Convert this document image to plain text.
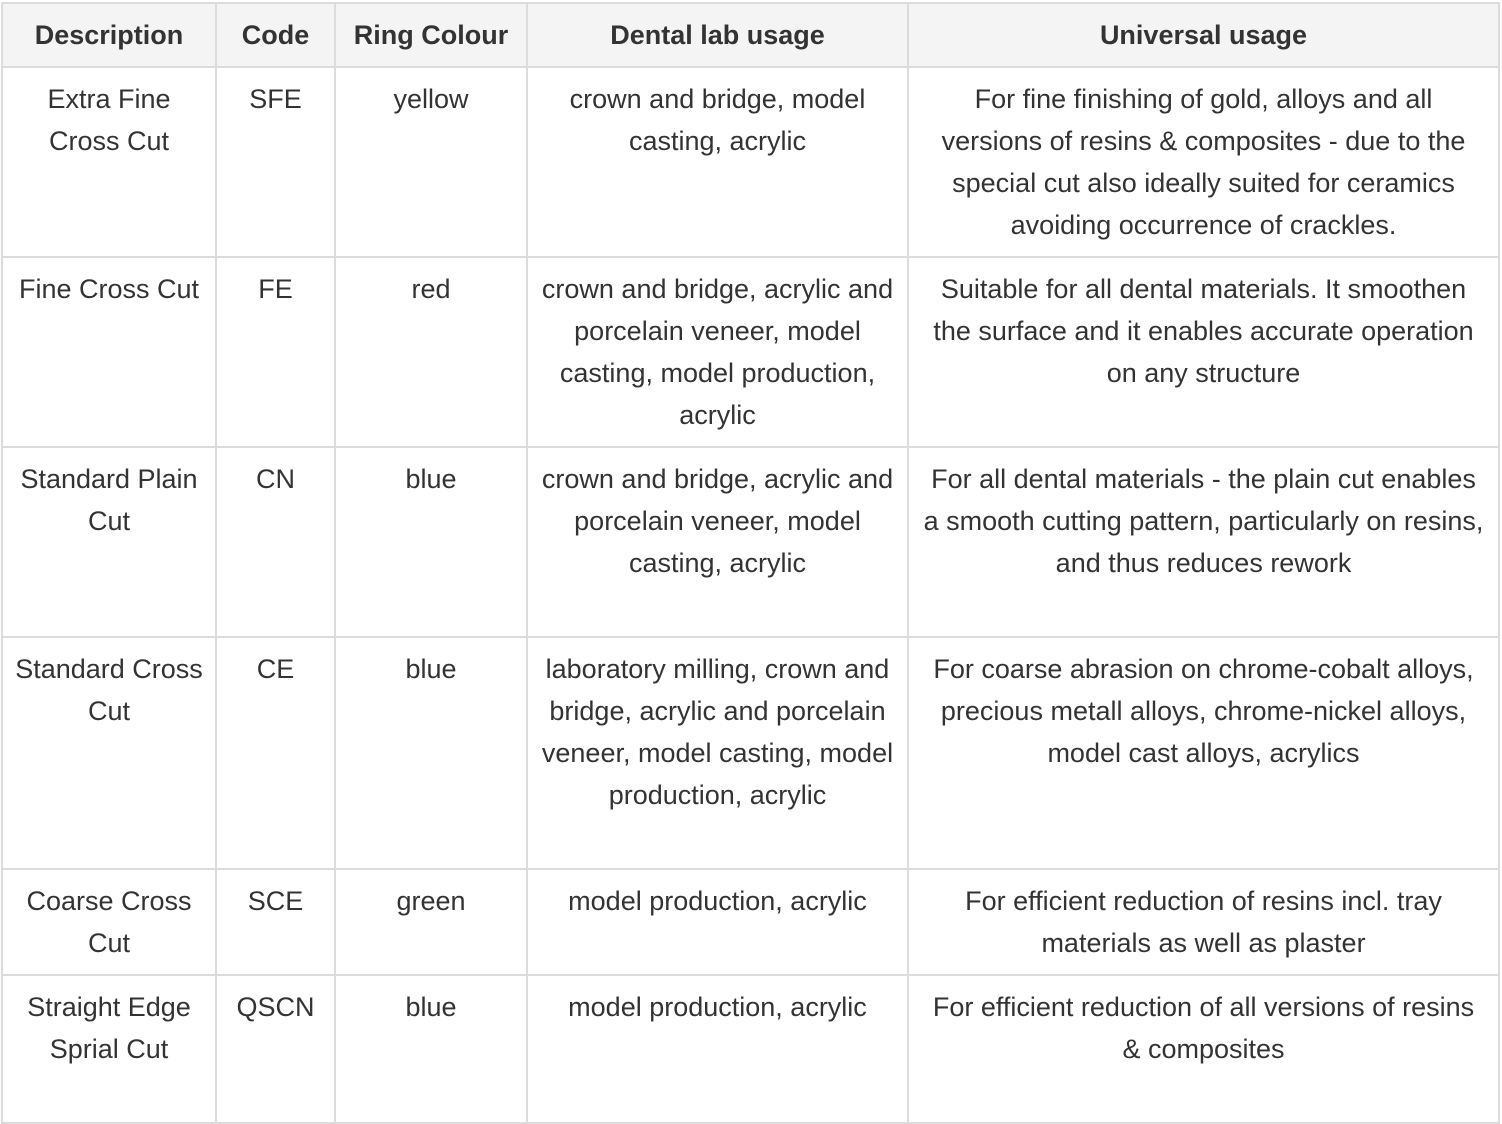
Description	Code	Ring Colour	Dental lab usage	Universal usage
Extra Fine Cross Cut	SFE	yellow	crown and bridge, model casting, acrylic	For fine finishing of gold, alloys and all versions of resins & composites - due to the special cut also ideally suited for ceramics avoiding occurrence of crackles.
Fine Cross Cut	FE	red	crown and bridge, acrylic and porcelain veneer, model casting, model production, acrylic	Suitable for all dental materials. It smoothen the surface and it enables accurate operation on any structure
Standard Plain Cut	CN	blue	crown and bridge, acrylic and porcelain veneer, model casting, acrylic	For all dental materials - the plain cut enables a smooth cutting pattern, particularly on resins, and thus reduces rework
Standard Cross Cut	CE	blue	laboratory milling, crown and bridge, acrylic and porcelain veneer, model casting, model production, acrylic	For coarse abrasion on chrome-cobalt alloys, precious metall alloys, chrome-nickel alloys, model cast alloys, acrylics
Coarse Cross Cut	SCE	green	model production, acrylic	For efficient reduction of resins incl. tray materials as well as plaster
Straight Edge Sprial Cut	QSCN	blue	model production, acrylic	For efficient reduction of all versions of resins & composites
